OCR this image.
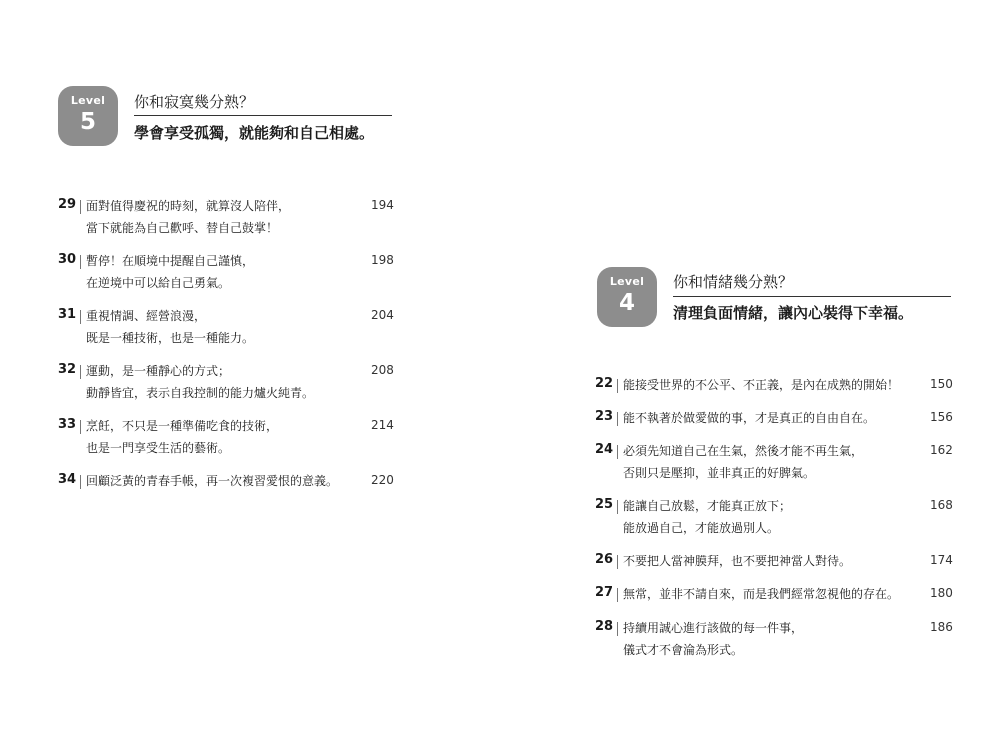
Level
5
你和寂寞幾分熟？
學會享受孤獨，就能夠和自己相處。
29 面對值得慶祝的時刻，就算沒人陪伴，
當下就能為自己歡呼、替自己鼓掌！
194
30 暫停！在順境中提醒自己謹慎，
在逆境中可以給自己勇氣。
198
31 重視情調、經營浪漫，
既是一種技術，也是一種能力。
204
32 運動，是一種靜心的方式；
動靜皆宜，表示自我控制的能力爐火純青。
208
33 烹飪，不只是一種準備吃食的技術，
也是一門享受生活的藝術。
214
34 回顧泛黃的青春手帳，再一次複習愛恨的意義。	220
Level
4
你和情緒幾分熟？
清理負面情緒，讓內心裝得下幸福。
22 能接受世界的不公平、不正義，是內在成熟的開始！	150
23 能不執著於做愛做的事，才是真正的自由自在。	156
24 必須先知道自己在生氣，然後才能不再生氣，
否則只是壓抑，並非真正的好脾氣。
162
25 能讓自己放鬆，才能真正放下；
能放過自己，才能放過別人。
168
26 不要把人當神膜拜，也不要把神當人對待。	174
27 無常，並非不請自來，而是我們經常忽視他的存在。	180
28 持續用誠心進行該做的每一件事，
儀式才不會淪為形式。
186
